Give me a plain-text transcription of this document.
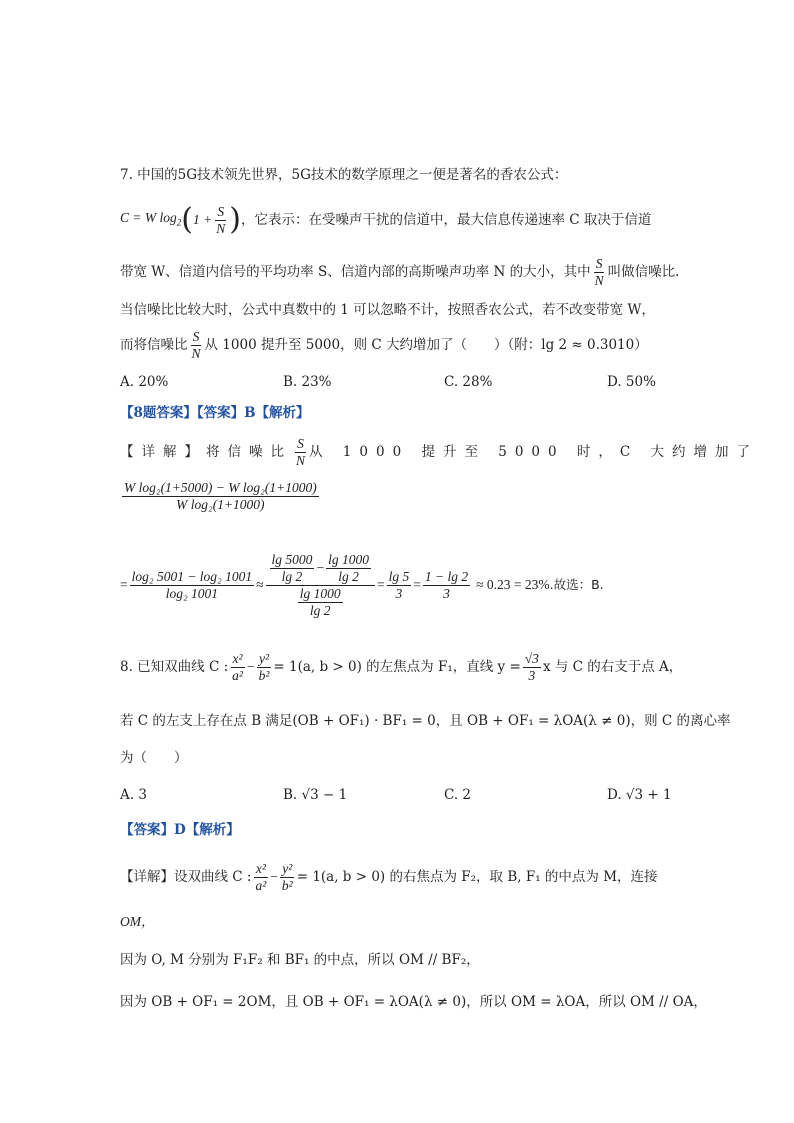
7. 中国的5G技术领先世界，5G技术的数学原理之一便是著名的香农公式：
C = W $\log_2$ ( $1 + \frac{S}{N}$ ) ，它表示：在受噪声干扰的信道中，最大信息传递速率 C 取决于信道
带宽 W、信道内信号的平均功率 S、信道内部的高斯噪声功率 N 的大小，其中 $\frac{S}{N}$ 叫做信噪比.
当信噪比比较大时，公式中真数中的 1 可以忽略不计，按照香农公式，若不改变带宽 W，
而将信噪比 $\frac{S}{N}$ 从 1000 提升至 5000，则 C 大约增加了（　　）（附：lg 2 ≈ 0.3010）
A. 20%	B. 23%	C. 28%	D. 50%
【8题答案】【答案】B【解析】
【详解】将信噪比 $\frac{S}{N}$ 从 1000 提升至 5000 时，C 大约增加了
$\frac{\text{W log₂(1+5000) − W log₂(1+1000)}}{\text{W log₂(1+1000)}}$
= $\frac{\text{log₂ 5001 − log₂ 1001}}{\text{log₂ 1001}} \approx \frac{\frac{\lg 5000}{\lg 2} - \frac{\lg 1000}{\lg 2}}{\frac{\lg 1000}{\lg 2}} = \frac{\lg 5}{3} = \frac{1 - \lg 2}{3} \approx 0.23 = 23\%$ .故选：B.
8. 已知双曲线 C : $\frac{\text{x²}}{\text{a²}} - \frac{\text{y²}}{\text{b²}} = 1(a$, b > 0) 的左焦点为 F₁，直线 $y = \frac{√3}{3}$ x 与 C 的右支于点 A，
若 C 的左支上存在点 B 满足(OB + OF₁) · BF₁ = 0，且 OB + OF₁ = λOA(λ ≠ 0)，则 C 的离心率
为（　　）
A. 3	B. √3 − 1	C. 2	D. √3 + 1
【答案】D【解析】
【详解】设双曲线 C : $\frac{\text{x²}}{\text{a²}} - \frac{\text{y²}}{\text{b²}} = 1(a$, b > 0) 的右焦点为 F₂，取 B, F₁ 的中点为 M，连接
OM，
因为 O, M 分别为 F₁F₂ 和 BF₁ 的中点，所以 OM // BF₂，
因为 OB + OF₁ = 2OM，且 OB + OF₁ = λOA(λ ≠ 0)，所以 OM = λOA，所以 OM // OA，
